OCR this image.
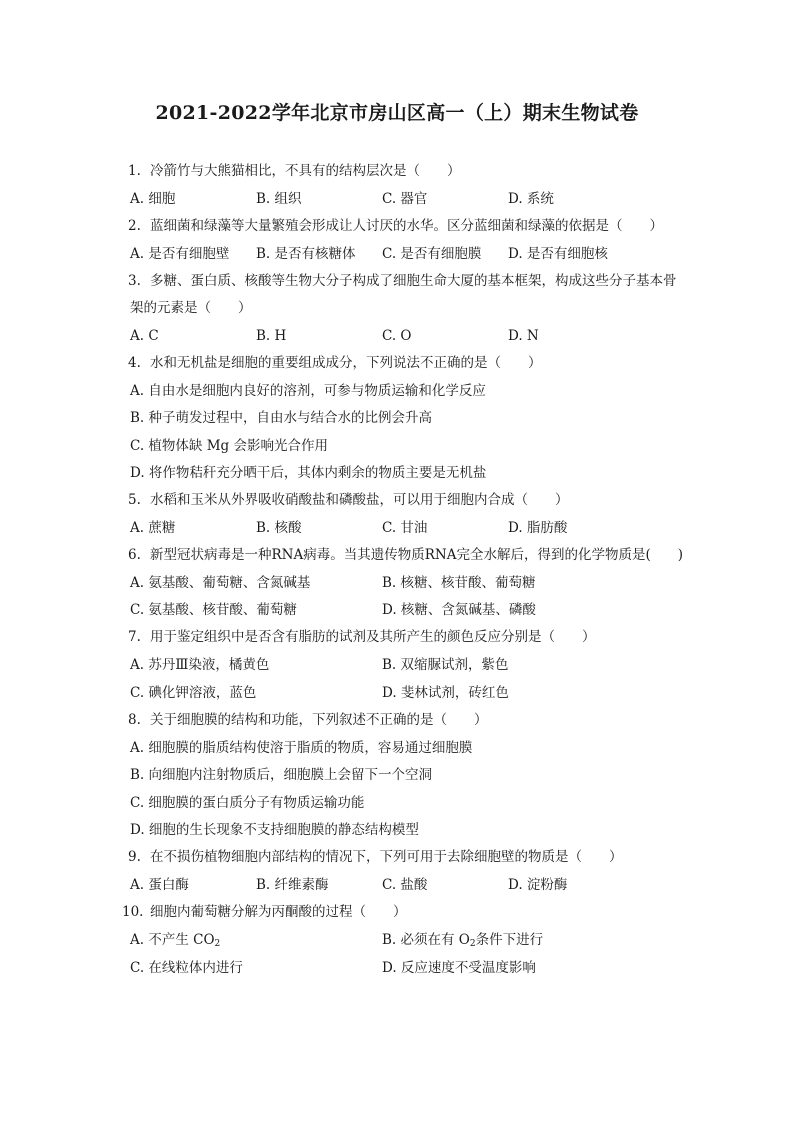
2021-2022学年北京市房山区高一（上）期末生物试卷
1. 冷箭竹与大熊猫相比，不具有的结构层次是（　　）
A. 细胞	B. 组织	C. 器官	D. 系统
2. 蓝细菌和绿藻等大量繁殖会形成让人讨厌的水华。区分蓝细菌和绿藻的依据是（　　）
A. 是否有细胞壁 B. 是否有核糖体 C. 是否有细胞膜 D. 是否有细胞核
3. 多糖、蛋白质、核酸等生物大分子构成了细胞生命大厦的基本框架，构成这些分子基本骨
架的元素是（　　）
A. C	B. H	C. O	D. N
4. 水和无机盐是细胞的重要组成成分，下列说法不正确的是（　　）
A. 自由水是细胞内良好的溶剂，可参与物质运输和化学反应
B. 种子萌发过程中，自由水与结合水的比例会升高
C. 植物体缺 Mg 会影响光合作用
D. 将作物秸秆充分晒干后，其体内剩余的物质主要是无机盐
5. 水稻和玉米从外界吸收硝酸盐和磷酸盐，可以用于细胞内合成（　　）
A. 蔗糖	B. 核酸	C. 甘油	D. 脂肪酸
6. 新型冠状病毒是一种RNA病毒。当其遗传物质RNA完全水解后，得到的化学物质是(　　)
A. 氨基酸、葡萄糖、含氮碱基	B. 核糖、核苷酸、葡萄糖
C. 氨基酸、核苷酸、葡萄糖	D. 核糖、含氮碱基、磷酸
7. 用于鉴定组织中是否含有脂肪的试剂及其所产生的颜色反应分别是（　　）
A. 苏丹Ⅲ染液，橘黄色	B. 双缩脲试剂，紫色
C. 碘化钾溶液，蓝色	D. 斐林试剂，砖红色
8. 关于细胞膜的结构和功能，下列叙述不正确的是（　　）
A. 细胞膜的脂质结构使溶于脂质的物质，容易通过细胞膜
B. 向细胞内注射物质后，细胞膜上会留下一个空洞
C. 细胞膜的蛋白质分子有物质运输功能
D. 细胞的生长现象不支持细胞膜的静态结构模型
9. 在不损伤植物细胞内部结构的情况下，下列可用于去除细胞壁的物质是（　　）
A. 蛋白酶	B. 纤维素酶	C. 盐酸	D. 淀粉酶
10. 细胞内葡萄糖分解为丙酮酸的过程（　　）
A. 不产生 $CO_2$	B. 必须在有 $O_2$条件下进行
C. 在线粒体内进行	D. 反应速度不受温度影响
